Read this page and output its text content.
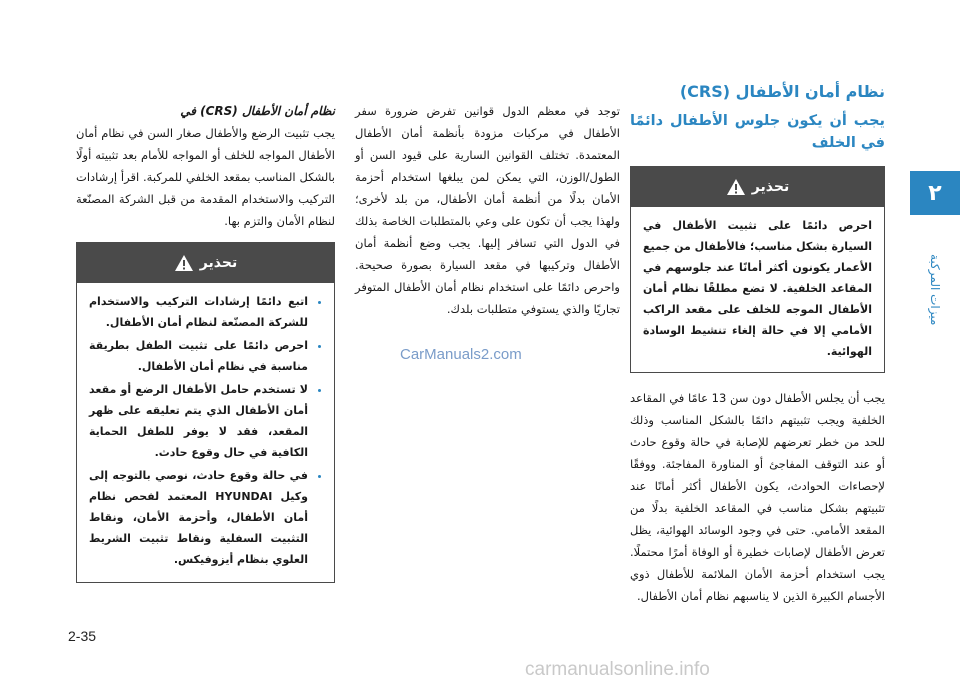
٢
ميزات المركبة
نظام أمان الأطفال (CRS)
يجب أن يكون جلوس الأطفال دائمًا في الخلف
تحذير
احرص دائمًا على تثبيت الأطفال في السيارة بشكل مناسب؛ فالأطفال من جميع الأعمار يكونون أكثر أمانًا عند جلوسهم في المقاعد الخلفية. لا تضع مطلقًا نظام أمان الأطفال الموجه للخلف على مقعد الراكب الأمامي إلا في حالة إلغاء تنشيط الوسادة الهوائية.

يجب أن يجلس الأطفال دون سن 13 عامًا في المقاعد الخلفية ويجب تثبيتهم دائمًا بالشكل المناسب وذلك للحد من خطر تعرضهم للإصابة في حالة وقوع حادث أو عند التوقف المفاجئ أو المناورة المفاجئة. ووفقًا لإحصاءات الحوادث، يكون الأطفال أكثر أمانًا عند تثبيتهم بشكل مناسب في المقاعد الخلفية بدلًا من المقعد الأمامي. حتى في وجود الوسائد الهوائية، يظل تعرض الأطفال لإصابات خطيرة أو الوفاة أمرًا محتملًا. يجب استخدام أحزمة الأمان الملائمة للأطفال ذوي الأجسام الكبيرة الذين لا يناسبهم نظام أمان الأطفال.

توجد في معظم الدول قوانين تفرض ضرورة سفر الأطفال في مركبات مزودة بأنظمة أمان الأطفال المعتمدة. تختلف القوانين السارية على قيود السن أو الطول/الوزن، التي يمكن لمن يبلغها استخدام أحزمة الأمان بدلًا من أنظمة أمان الأطفال، من بلد لأخرى؛ ولهذا يجب أن تكون على وعي بالمتطلبات الخاصة بذلك في الدول التي تسافر إليها. يجب وضع أنظمة أمان الأطفال وتركيبها في مقعد السيارة بصورة صحيحة. واحرص دائمًا على استخدام نظام أمان الأطفال المتوفر تجاريًا والذي يستوفي متطلبات بلدك.

نظام أمان الأطفال (CRS) في

يجب تثبيت الرضع والأطفال صغار السن في نظام أمان الأطفال المواجه للخلف أو المواجه للأمام بعد تثبيته أولًا بالشكل المناسب بمقعد الخلفي للمركبة. اقرأ إرشادات التركيب والاستخدام المقدمة من قبل الشركة المصنّعة لنظام الأمان والتزم بها.

تحذير
• اتبع دائمًا إرشادات التركيب والاستخدام للشركة المصنّعة لنظام أمان الأطفال.
• احرص دائمًا على تثبيت الطفل بطريقة مناسبة في نظام أمان الأطفال.
• لا تستخدم حامل الأطفال الرضع أو مقعد أمان الأطفال الذي يتم تعليقه على ظهر المقعد، فقد لا يوفر للطفل الحماية الكافية في حال وقوع حادث.
• في حالة وقوع حادث، نوصي بالتوجه إلى وكيل HYUNDAI المعتمد لفحص نظام أمان الأطفال، وأحزمة الأمان، ونقاط التثبيت السفلية ونقاط تثبيت الشريط العلوي بنظام أيزوفيكس.
CarManuals2.com
2-35
carmanualsonline.info
